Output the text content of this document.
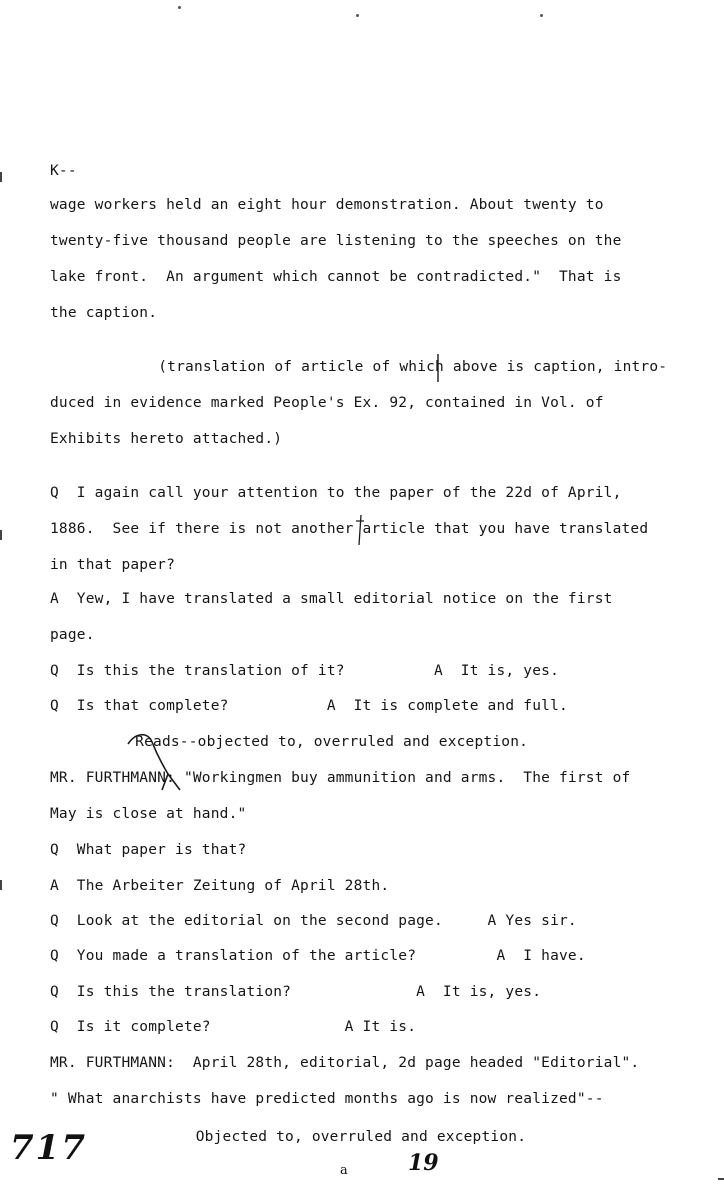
K--
wage workers held an eight hour demonstration. About twenty to
twenty-five thousand people are listening to the speeches on the
lake front.  An argument which cannot be contradicted."  That is
the caption.
(translation of article of which above is caption, intro-
duced in evidence marked People's Ex. 92, contained in Vol. of
Exhibits hereto attached.)
Q  I again call your attention to the paper of the 22d of April,
1886.  See if there is not another article that you have translated
in that paper?
A  Yew, I have translated a small editorial notice on the first
page.
Q  Is this the translation of it?          A  It is, yes.
Q  Is that complete?           A  It is complete and full.
Reads--objected to, overruled and exception.
MR. FURTHMANN: "Workingmen buy ammunition and arms.  The first of
May is close at hand."
Q  What paper is that?
A  The Arbeiter Zeitung of April 28th.
Q  Look at the editorial on the second page.     A Yes sir.
Q  You made a translation of the article?         A  I have.
Q  Is this the translation?              A  It is, yes.
Q  Is it complete?               A It is.
MR. FURTHMANN:  April 28th, editorial, 2d page headed "Editorial".
" What anarchists have predicted months ago is now realized"--
Objected to, overruled and exception.
717	19
a
